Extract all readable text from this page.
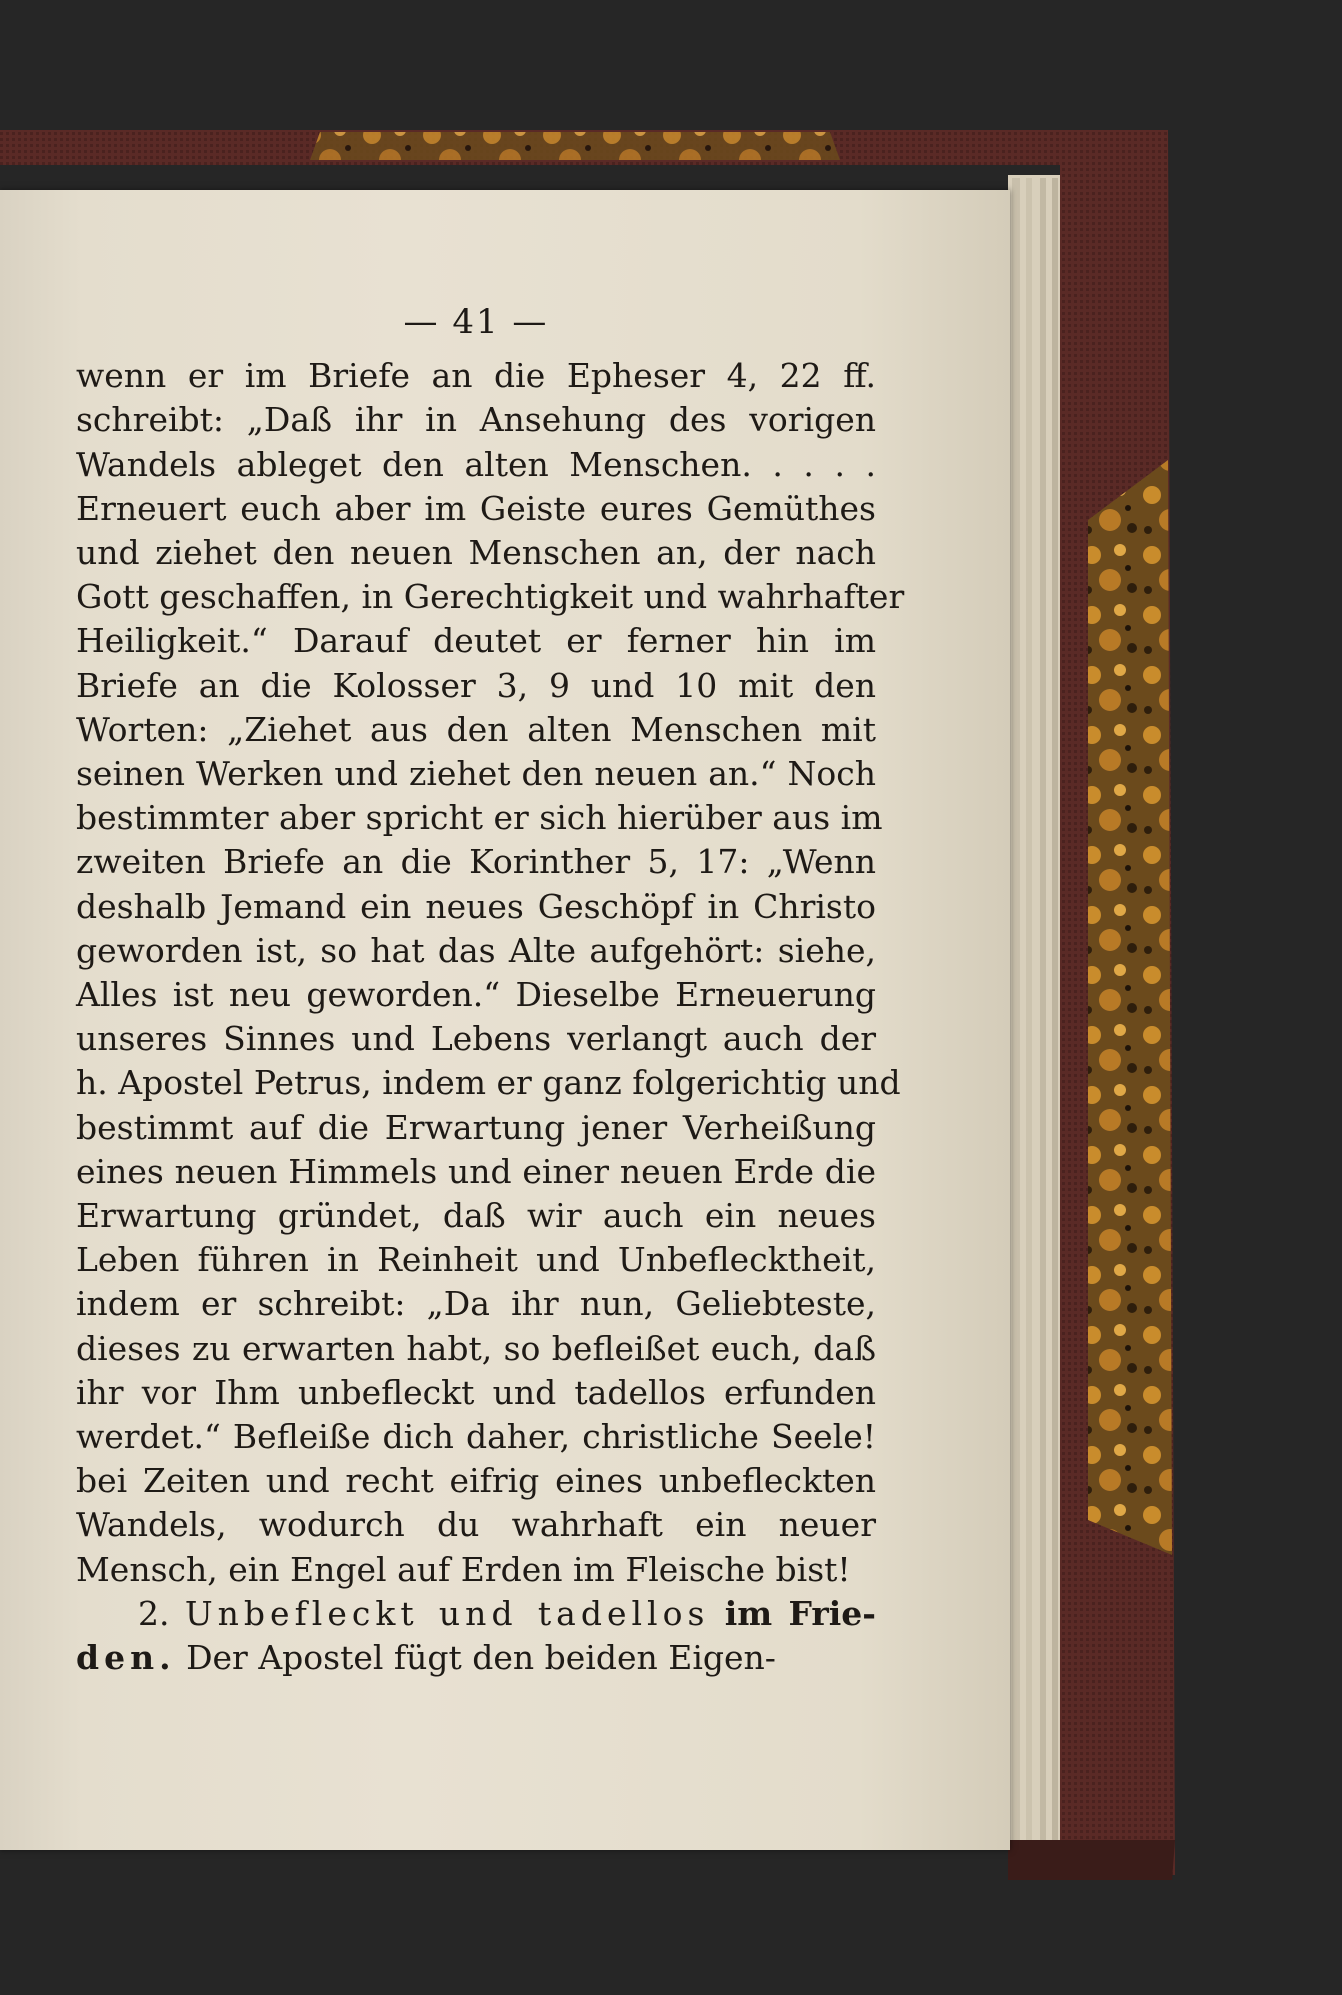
— 41 —
wenn er im Briefe an die Epheser 4, 22 ff.
schreibt: „Daß ihr in Ansehung des vorigen
Wandels ableget den alten Menschen. . . . .
Erneuert euch aber im Geiste eures Gemüthes
und ziehet den neuen Menschen an, der nach
Gott geschaffen, in Gerechtigkeit und wahrhafter
Heiligkeit.“ Darauf deutet er ferner hin im
Briefe an die Kolosser 3, 9 und 10 mit den
Worten: „Ziehet aus den alten Menschen mit
seinen Werken und ziehet den neuen an.“ Noch
bestimmter aber spricht er sich hierüber aus im
zweiten Briefe an die Korinther 5, 17: „Wenn
deshalb Jemand ein neues Geschöpf in Christo
geworden ist, so hat das Alte aufgehört: siehe,
Alles ist neu geworden.“ Dieselbe Erneuerung
unseres Sinnes und Lebens verlangt auch der
h. Apostel Petrus, indem er ganz folgerichtig und
bestimmt auf die Erwartung jener Verheißung
eines neuen Himmels und einer neuen Erde die
Erwartung gründet, daß wir auch ein neues
Leben führen in Reinheit und Unbeflecktheit,
indem er schreibt: „Da ihr nun, Geliebteste,
dieses zu erwarten habt, so befleißet euch, daß
ihr vor Ihm unbefleckt und tadellos erfunden
werdet.“ Befleiße dich daher, christliche Seele!
bei Zeiten und recht eifrig eines unbefleckten
Wandels, wodurch du wahrhaft ein neuer
Mensch, ein Engel auf Erden im Fleische bist!
2. Unbefleckt und tadellos im Frie-
den. Der Apostel fügt den beiden Eigen-
